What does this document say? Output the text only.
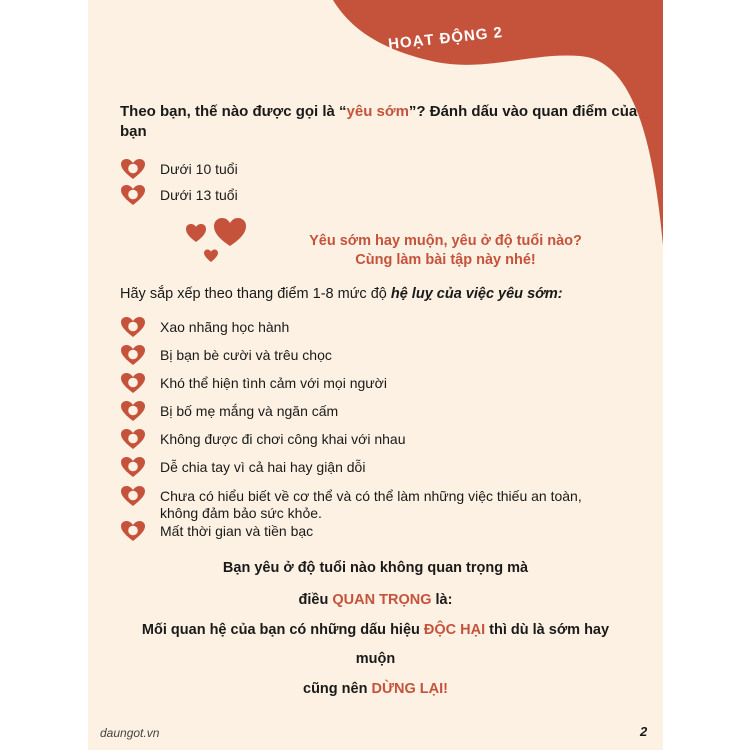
HOẠT ĐỘNG 2
Theo bạn, thế nào được gọi là “yêu sớm”? Đánh dấu vào quan điểm của bạn
Dưới 10 tuổi
Dưới 13 tuổi
Yêu sớm hay muộn, yêu ở độ tuổi nào?
Cùng làm bài tập này nhé!
Hãy sắp xếp theo thang điểm 1-8 mức độ hệ luỵ của việc yêu sớm:
Xao nhãng học hành
Bị bạn bè cười và trêu chọc
Khó thể hiện tình cảm với mọi người
Bị bố mẹ mắng và ngăn cấm
Không được đi chơi công khai với nhau
Dễ chia tay vì cả hai hay giận dỗi
Chưa có hiểu biết về cơ thể và có thể làm những việc thiếu an toàn, không đảm bảo sức khỏe.
Mất thời gian và tiền bạc
Bạn yêu ở độ tuổi nào không quan trọng mà
điều QUAN TRỌNG là:
Mối quan hệ của bạn có những dấu hiệu ĐỘC HẠI thì dù là sớm hay
muộn
cũng nên DỪNG LẠI!
daungot.vn	2
